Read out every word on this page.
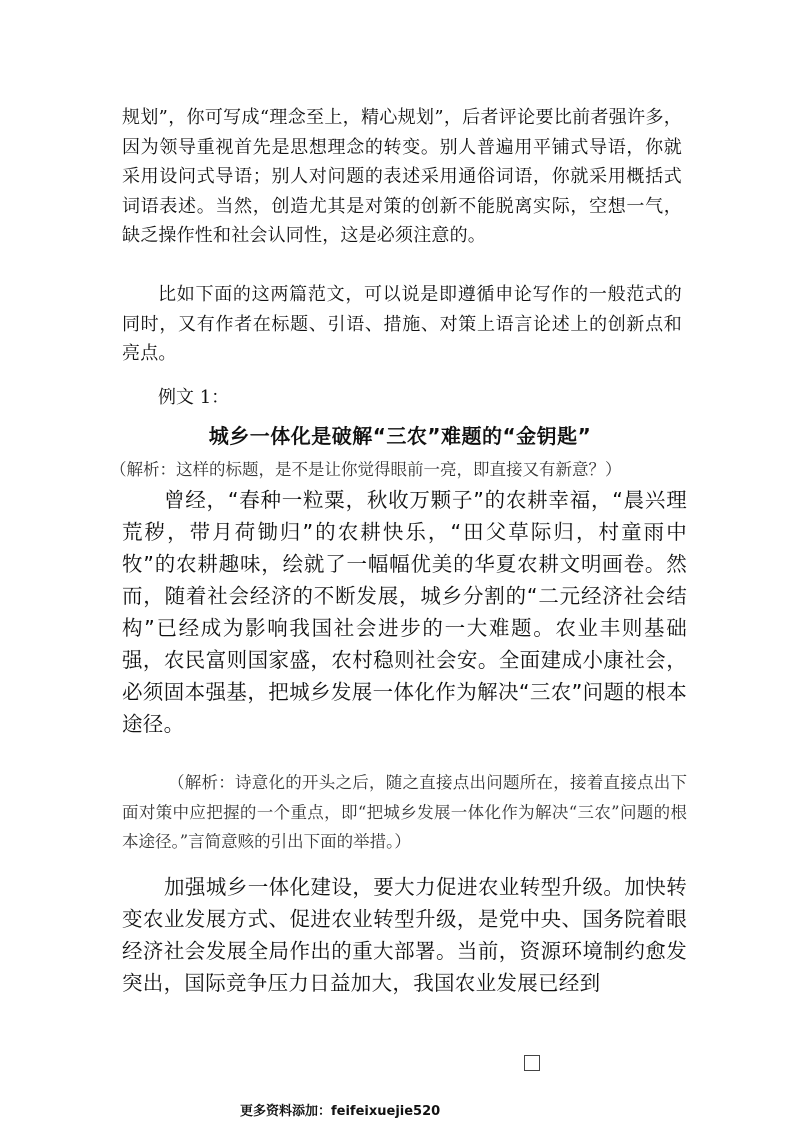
规划”，你可写成“理念至上，精心规划”，后者评论要比前者强许多，因为领导重视首先是思想理念的转变。别人普遍用平铺式导语，你就采用设问式导语；别人对问题的表述采用通俗词语，你就采用概括式词语表述。当然，创造尤其是对策的创新不能脱离实际，空想一气，缺乏操作性和社会认同性，这是必须注意的。

比如下面的这两篇范文，可以说是即遵循申论写作的一般范式的同时，又有作者在标题、引语、措施、对策上语言论述上的创新点和亮点。

例文 1：

城乡一体化是破解“三农”难题的“金钥匙”

（解析：这样的标题，是不是让你觉得眼前一亮，即直接又有新意？）

曾经，“春种一粒粟，秋收万颗子”的农耕幸福，“晨兴理荒秽，带月荷锄归”的农耕快乐，“田父草际归，村童雨中牧”的农耕趣味，绘就了一幅幅优美的华夏农耕文明画卷。然而，随着社会经济的不断发展，城乡分割的“二元经济社会结构”已经成为影响我国社会进步的一大难题。农业丰则基础强，农民富则国家盛，农村稳则社会安。全面建成小康社会，必须固本强基，把城乡发展一体化作为解决“三农”问题的根本途径。

（解析：诗意化的开头之后，随之直接点出问题所在，接着直接点出下面对策中应把握的一个重点，即“把城乡发展一体化作为解决“三农”问题的根本途径。”言简意赅的引出下面的举措。）

加强城乡一体化建设，要大力促进农业转型升级。加快转变农业发展方式、促进农业转型升级，是党中央、国务院着眼经济社会发展全局作出的重大部署。当前，资源环境制约愈发突出，国际竞争压力日益加大，我国农业发展已经到

更多资料添加：feifeixuejie520
